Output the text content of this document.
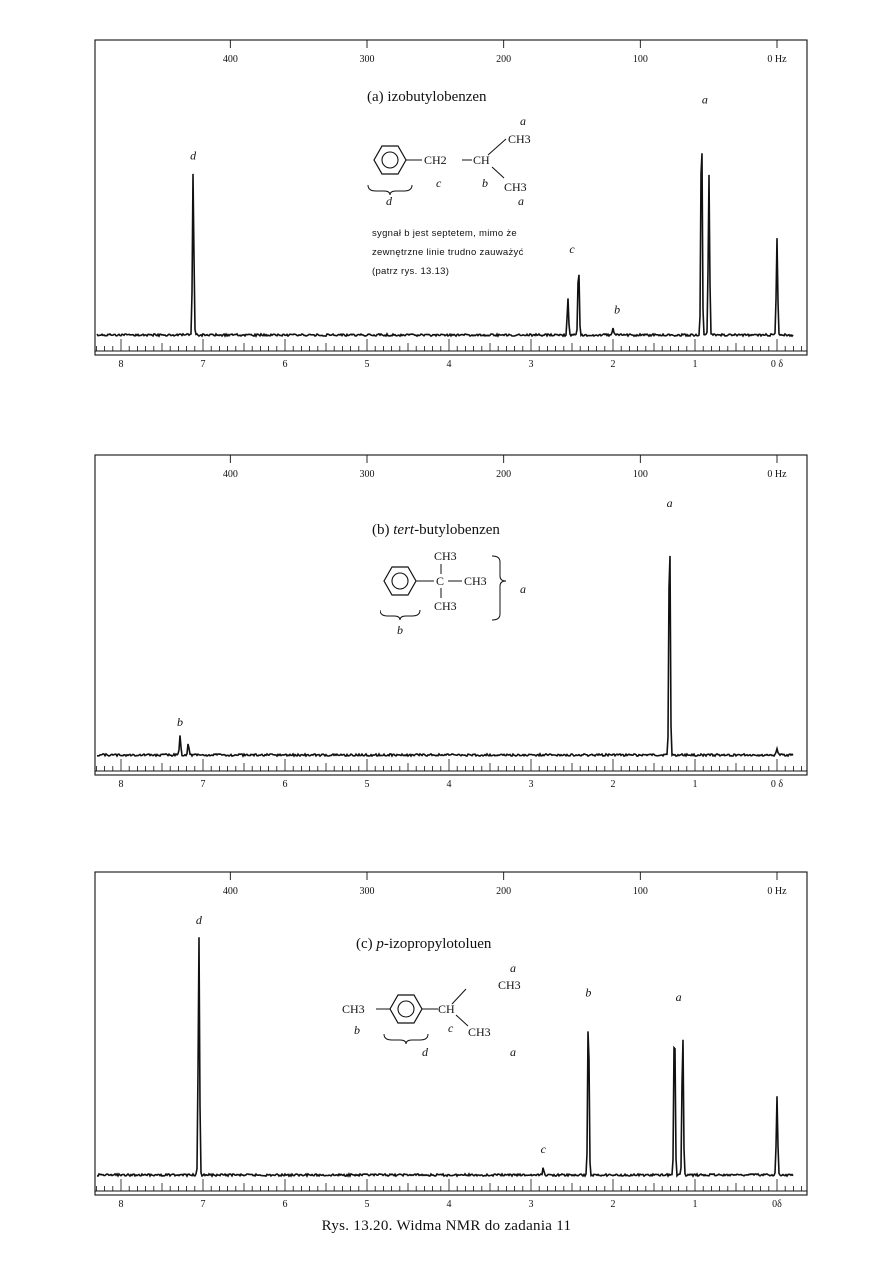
8	7	6	5	4	3	2	1	0 δ
400	300	200	100	0 Hz
d
c
b
a
8	7	6	5	4	3	2	1	0 δ
400	300	200	100	0 Hz
b
a
8	7	6	5	4	3	2	1	0δ
400	300	200	100	0 Hz
d
c
b	a
(a) izobutylobenzen
a
CH3
CH2 CH
c	b CH3
a
d
sygnał b jest septetem, mimo że
zewnętrzne linie trudno zauważyć
(patrz rys. 13.13)
(b) tert-butylobenzen
CH3
C CH3
CH3
a
b
(c) p-izopropylotoluen
a
CH3
CH3	CH
b	c CH3
a
d
Rys. 13.20. Widma NMR do zadania 11
